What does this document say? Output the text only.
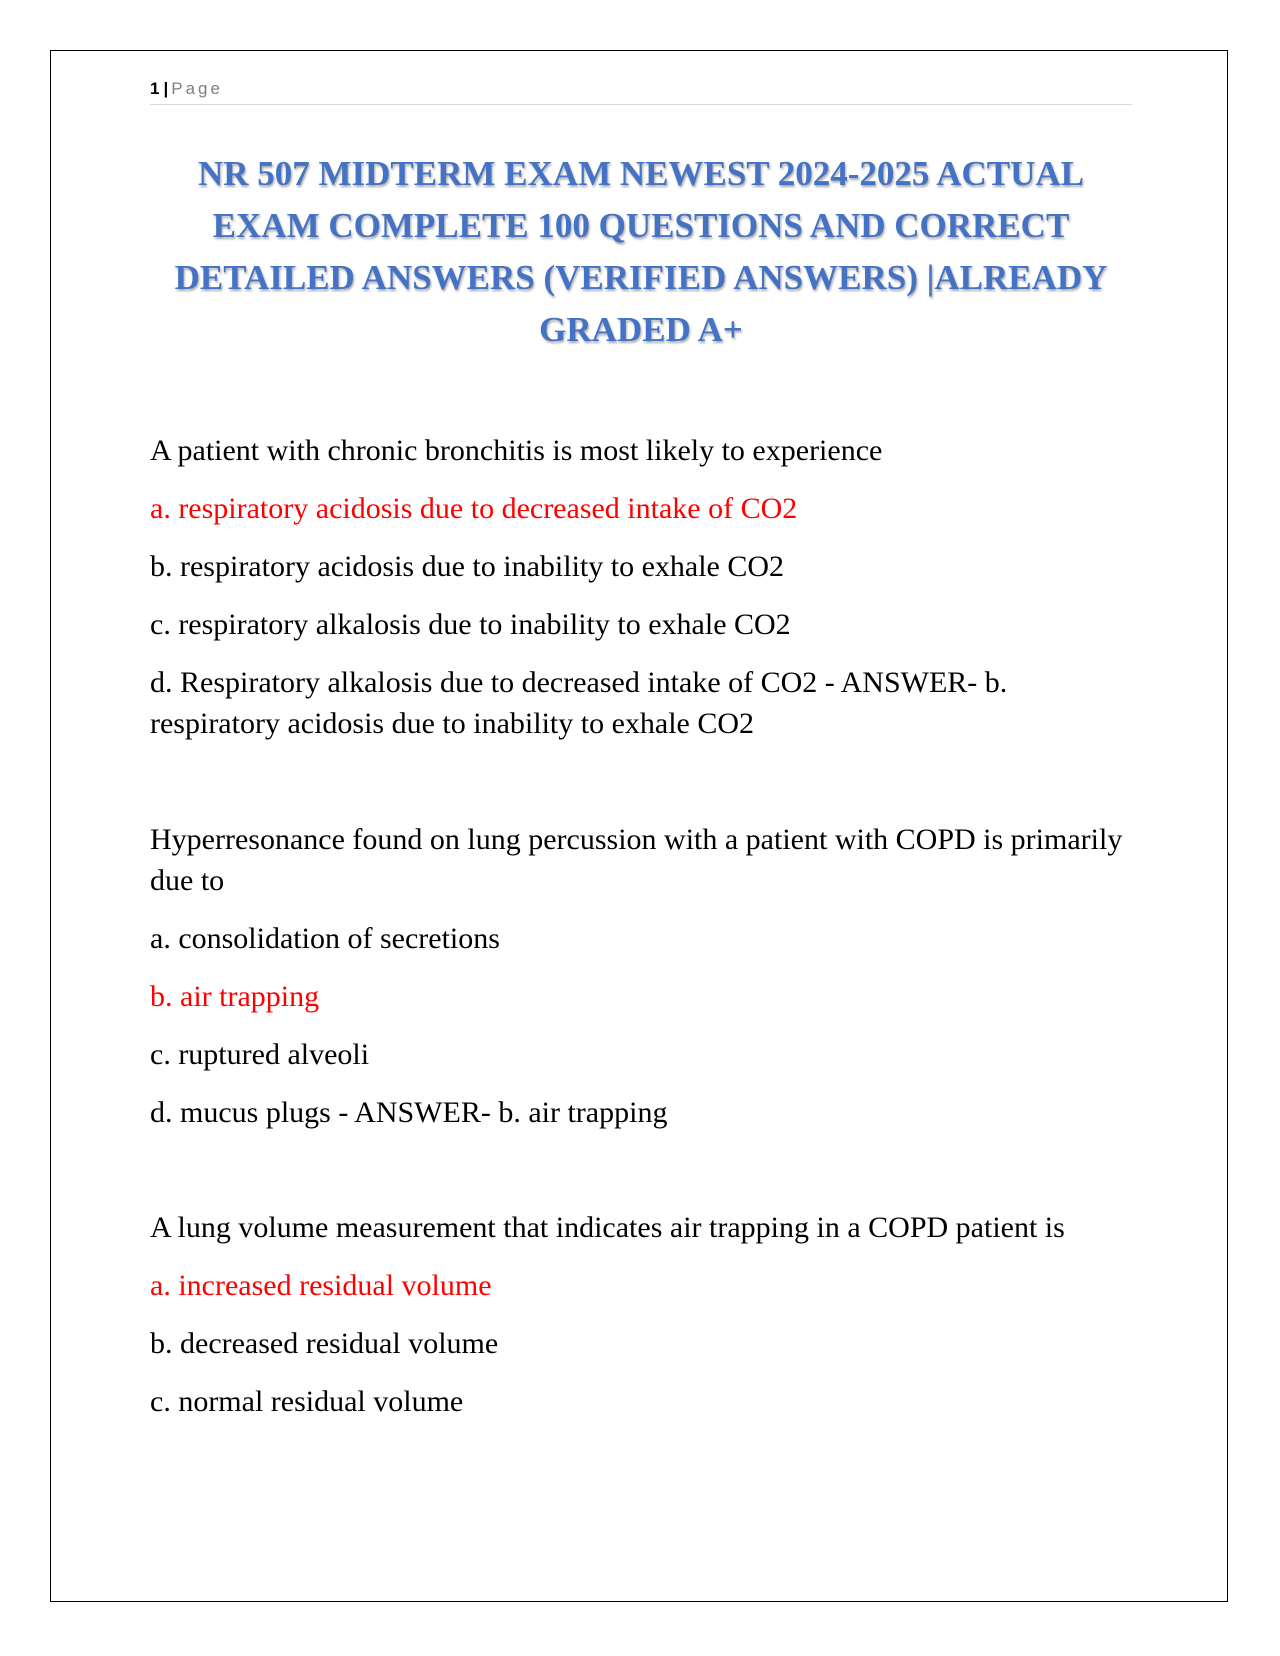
1 | Page
NR 507 MIDTERM EXAM NEWEST 2024-2025 ACTUAL EXAM COMPLETE 100 QUESTIONS AND CORRECT DETAILED ANSWERS (VERIFIED ANSWERS) |ALREADY GRADED A+

A patient with chronic bronchitis is most likely to experience

a. respiratory acidosis due to decreased intake of CO2

b. respiratory acidosis due to inability to exhale CO2

c. respiratory alkalosis due to inability to exhale CO2

d. Respiratory alkalosis due to decreased intake of CO2 - ANSWER- b. respiratory acidosis due to inability to exhale CO2

Hyperresonance found on lung percussion with a patient with COPD is primarily due to

a. consolidation of secretions

b. air trapping

c. ruptured alveoli

d. mucus plugs - ANSWER- b. air trapping

A lung volume measurement that indicates air trapping in a COPD patient is

a. increased residual volume

b. decreased residual volume

c. normal residual volume
